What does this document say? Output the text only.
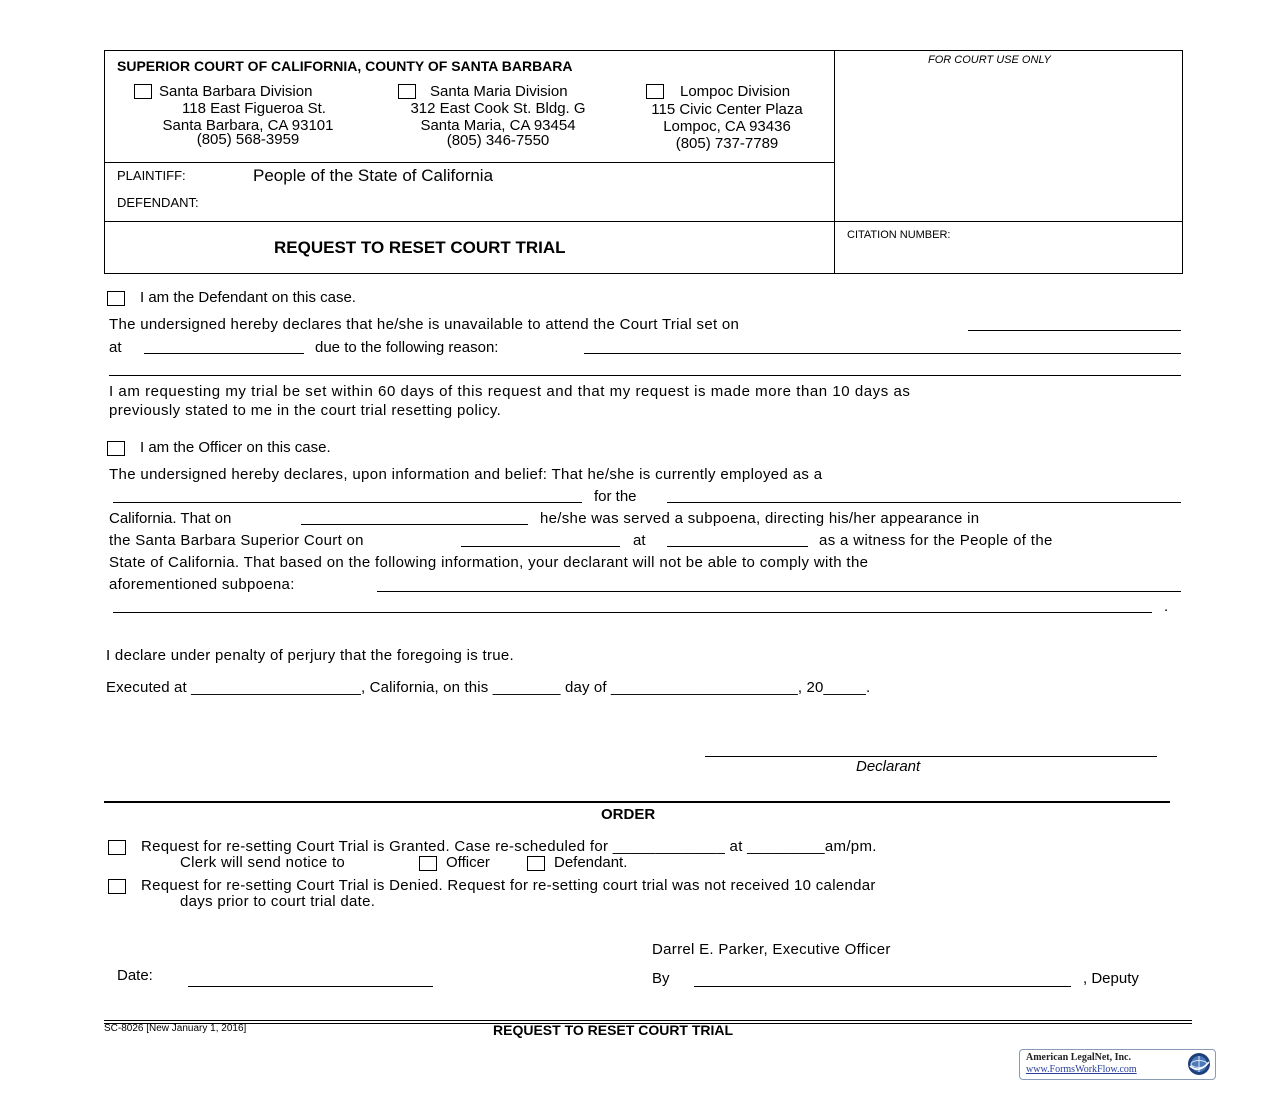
SUPERIOR COURT OF CALIFORNIA, COUNTY OF SANTA BARBARA	FOR COURT USE ONLY
Santa Barbara Division
118 East Figueroa St.
Santa Barbara, CA 93101
(805) 568-3959
Santa Maria Division
312 East Cook St. Bldg. G
Santa Maria, CA 93454
(805) 346-7550
Lompoc Division
115 Civic Center Plaza
Lompoc, CA 93436
(805) 737-7789
PLAINTIFF:	People of the State of California
DEFENDANT:
REQUEST TO RESET COURT TRIAL
CITATION NUMBER:
I am the Defendant on this case.
The undersigned hereby declares that he/she is unavailable to attend the Court Trial set on
at	due to the following reason:
I am requesting my trial be set within 60 days of this request and that my request is made more than 10 days as
previously stated to me in the court trial resetting policy.
I am the Officer on this case.
The undersigned hereby declares, upon information and belief: That he/she is currently employed as a
for the
California. That on	he/she was served a subpoena, directing his/her appearance in
the Santa Barbara Superior Court on	at	as a witness for the People of the
State of California. That based on the following information, your declarant will not be able to comply with the
aforementioned subpoena:
.
I declare under penalty of perjury that the foregoing is true.
Executed at ____________________, California, on this ________ day of ______________________, 20_____.
Declarant
ORDER
Request for re-setting Court Trial is Granted. Case re-scheduled for _____________ at _________am/pm.
Clerk will send notice to	Officer	Defendant.
Request for re-setting Court Trial is Denied. Request for re-setting court trial was not received 10 calendar
days prior to court trial date.
Darrel E. Parker, Executive Officer
Date:	By	, Deputy
SC-8026 [New January 1, 2016]	REQUEST TO RESET COURT TRIAL
American LegalNet, Inc.
www.FormsWorkFlow.com
